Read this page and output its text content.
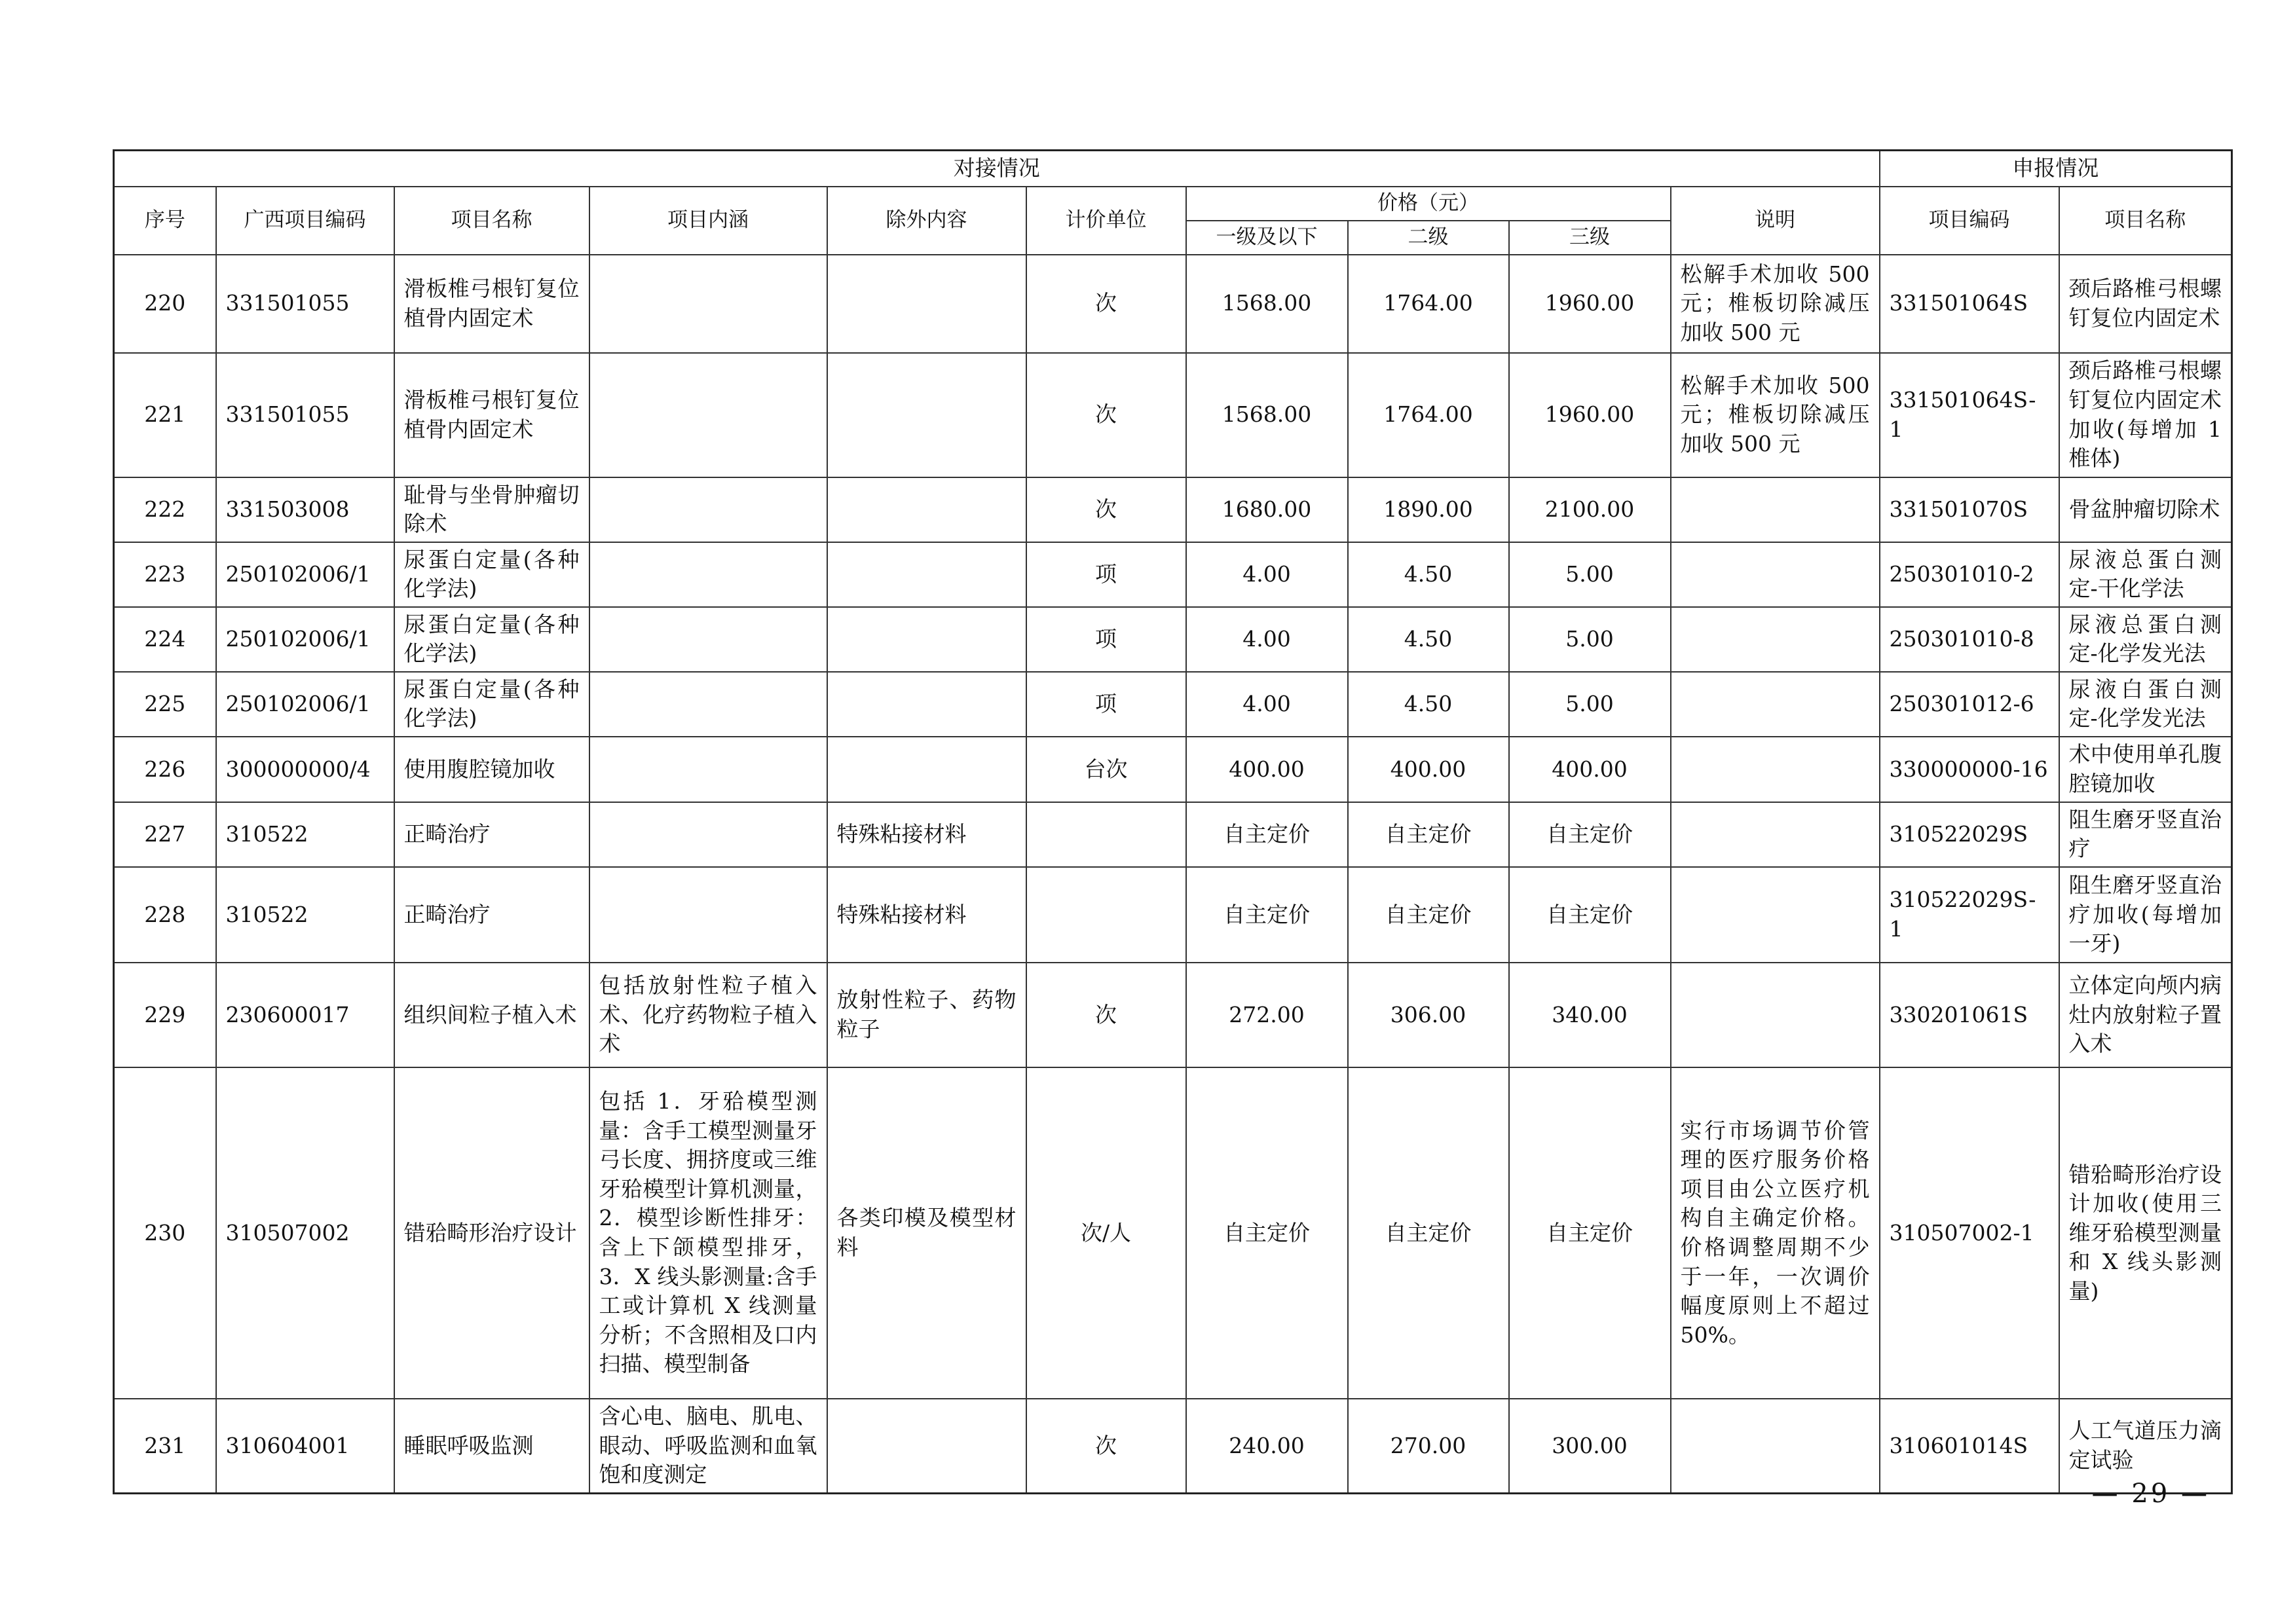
对接情况										申报情况	
序号	广西项目编码	项目名称	项目内涵	除外内容	计价单位	价格（元）			说明	项目编码	项目名称
						一级及以下	二级	三级			
220	331501055	滑板椎弓根钉复位植骨内固定术			次	1568.00	1764.00	1960.00	松解手术加收 500 元；椎板切除减压加收 500 元	331501064S	颈后路椎弓根螺钉复位内固定术
221	331501055	滑板椎弓根钉复位植骨内固定术			次	1568.00	1764.00	1960.00	松解手术加收 500 元；椎板切除减压加收 500 元	331501064S-1	颈后路椎弓根螺钉复位内固定术加收(每增加 1 椎体)
222	331503008	耻骨与坐骨肿瘤切除术			次	1680.00	1890.00	2100.00		331501070S	骨盆肿瘤切除术
223	250102006/1	尿蛋白定量(各种化学法)			项	4.00	4.50	5.00		250301010-2	尿液总蛋白测定-干化学法
224	250102006/1	尿蛋白定量(各种化学法)			项	4.00	4.50	5.00		250301010-8	尿液总蛋白测定-化学发光法
225	250102006/1	尿蛋白定量(各种化学法)			项	4.00	4.50	5.00		250301012-6	尿液白蛋白测定-化学发光法
226	300000000/4	使用腹腔镜加收			台次	400.00	400.00	400.00		330000000-16	术中使用单孔腹腔镜加收
227	310522	正畸治疗		特殊粘接材料		自主定价	自主定价	自主定价		310522029S	阻生磨牙竖直治疗
228	310522	正畸治疗		特殊粘接材料		自主定价	自主定价	自主定价		310522029S-1	阻生磨牙竖直治疗加收(每增加一牙)
229	230600017	组织间粒子植入术	包括放射性粒子植入术、化疗药物粒子植入术	放射性粒子、药物粒子	次	272.00	306.00	340.00		330201061S	立体定向颅内病灶内放射粒子置入术
230	310507002	错𬌗畸形治疗设计	包括 1．牙𬌗模型测量：含手工模型测量牙弓长度、拥挤度或三维牙𬌗模型计算机测量，2．模型诊断性排牙：含上下颌模型排牙，3．X 线头影测量:含手工或计算机 X 线测量分析；不含照相及口内扫描、模型制备	各类印模及模型材料	次/人	自主定价	自主定价	自主定价	实行市场调节价管理的医疗服务价格项目由公立医疗机构自主确定价格。价格调整周期不少于一年，一次调价幅度原则上不超过 50%。	310507002-1	错𬌗畸形治疗设计加收(使用三维牙𬌗模型测量和 X 线头影测量)
231	310604001	睡眠呼吸监测	含心电、脑电、肌电、眼动、呼吸监测和血氧饱和度测定		次	240.00	270.00	300.00		310601014S	人工气道压力滴定试验
— 29 —
